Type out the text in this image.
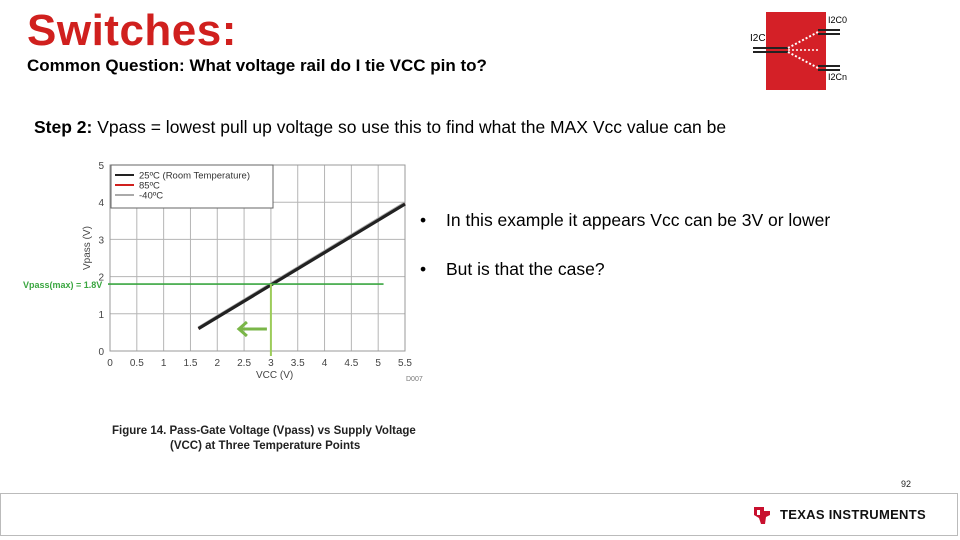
Switches:
Common Question: What voltage rail do I tie VCC pin to?
I2C
I2C0
I2Cn
Step 2: Vpass = lowest pull up voltage so use this to find what the MAX Vcc value can be
0 0.5 1 1.5 2 2.5 3 3.5 4 4.5 5 5.5
0
1
2
3
4
5
25ºC (Room Temperature)
85ºC
-40ºC
Vpass(max) = 1.8V
VCC (V)
Vpass (V)
D007
Figure 14. Pass-Gate Voltage (Vpass) vs Supply Voltage
(VCC) at Three Temperature Points
• In this example it appears Vcc can be 3V or lower
• But is that the case?
92
TEXAS INSTRUMENTS
